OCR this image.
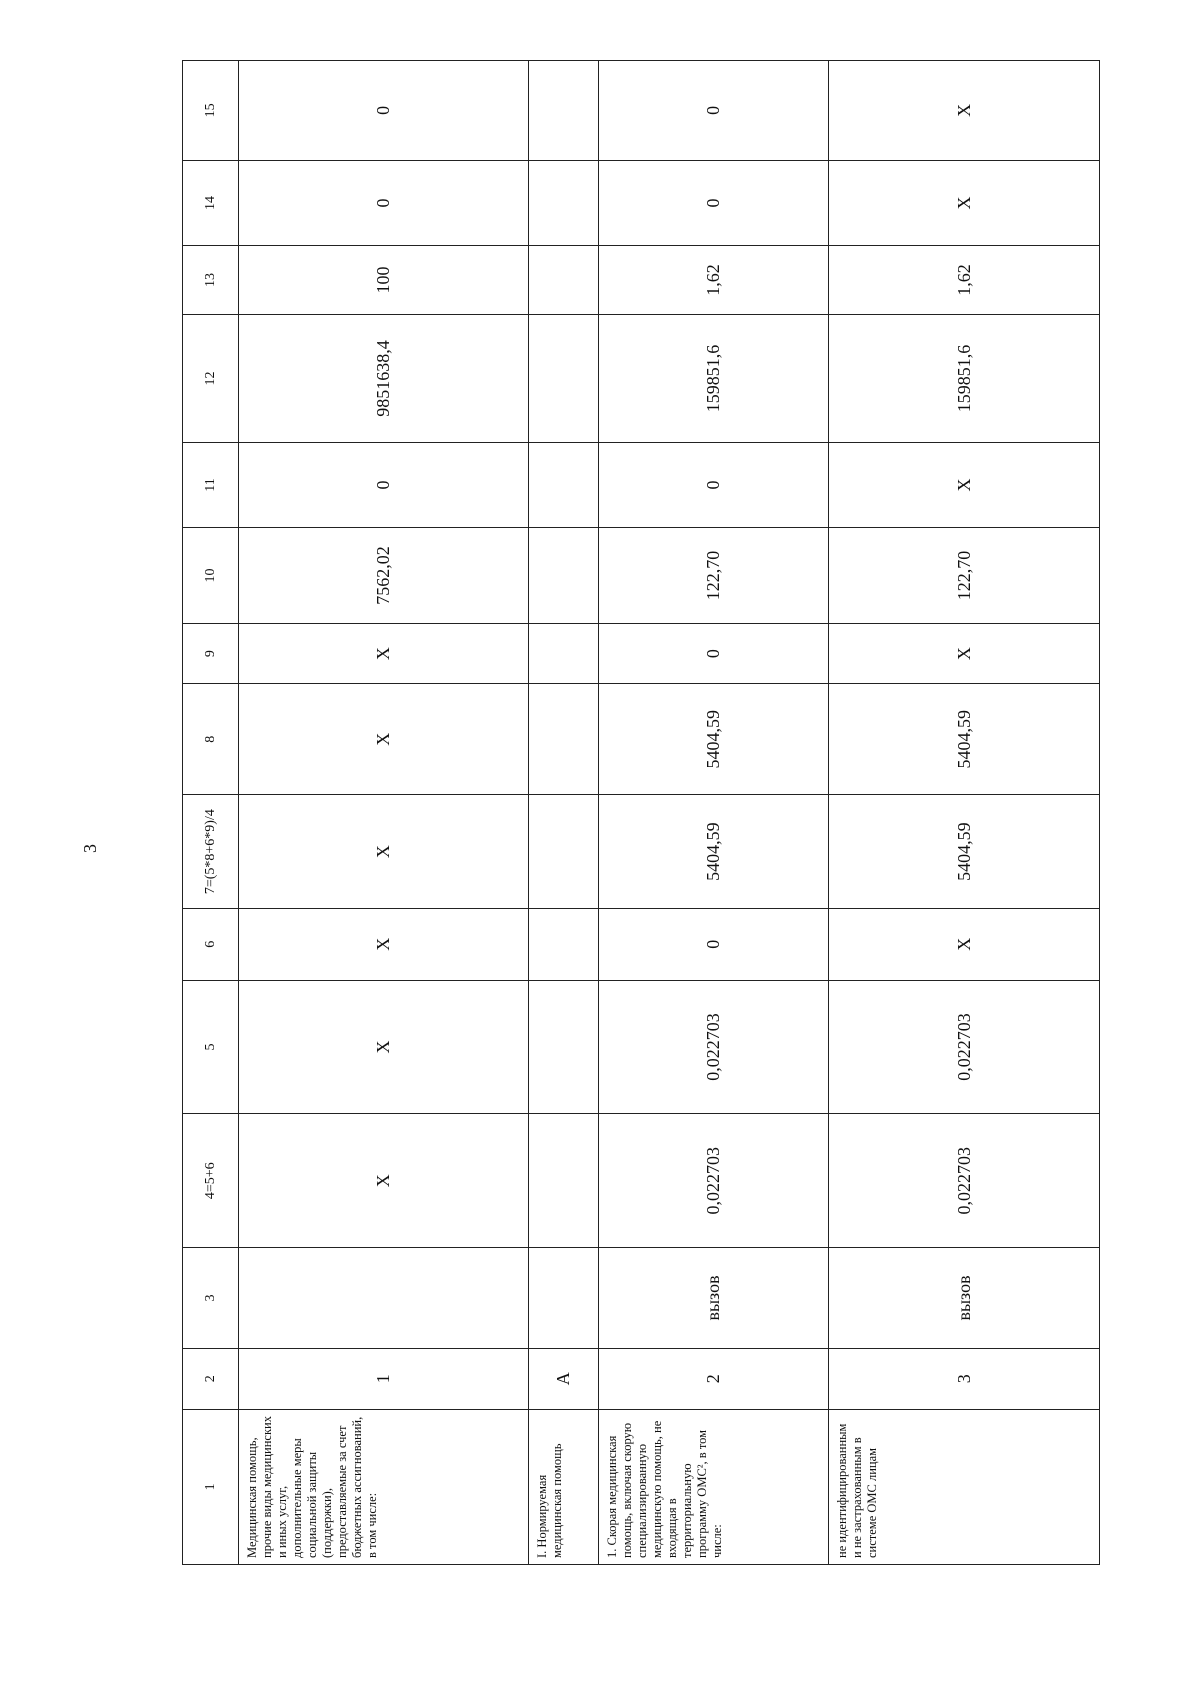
3
1	2	3	4=5+6	5	6	7=(5*8+6*9)/4	8	9	10	11	12	13	14	15
Медицинская помощь, прочие виды медицинских и иных услуг, дополнительные меры социальной защиты (поддержки), предоставляемые за счет бюджетных ассигнований, в том числе:	1		X	X	X	X	X	X	7562,02	0	9851638,4	100	0	0
I. Нормируемая медицинская помощь	А													
1. Скорая медицинская помощь, включая скорую специализированную медицинскую помощь, не входящая в территориальную программу ОМС², в том числе:	2	вызов	0,022703	0,022703	0	5404,59	5404,59	0	122,70	0	159851,6	1,62	0	0
не идентифицированным и не застрахованным в системе ОМС лицам	3	вызов	0,022703	0,022703	X	5404,59	5404,59	X	122,70	X	159851,6	1,62	X	X
